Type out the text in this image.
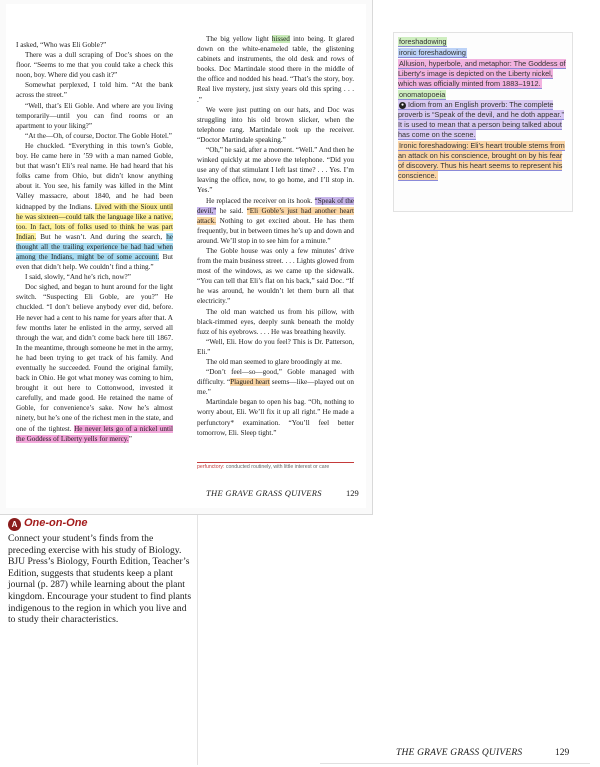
I asked, “Who was Eli Goble?”

There was a dull scraping of Doc’s shoes on the floor. “Seems to me that you could take a check this noon, boy. Where did you cash it?”

Somewhat perplexed, I told him. “At the bank across the street.”

“Well, that’s Eli Goble. And where are you living temporarily—until you can find rooms or an apartment to your liking?”

“At the—Oh, of course, Doctor. The Goble Hotel.”

He chuckled. “Everything in this town’s Goble, boy. He came here in ’59 with a man named Goble, but that wasn’t Eli’s real name. He had heard that his folks came from Ohio, but didn’t know anything about it. You see, his family was killed in the Mint Valley massacre, about 1840, and he had been kidnapped by the Indians. Lived with the Sioux until he was sixteen—could talk the language like a native, too. In fact, lots of folks used to think he was part Indian. But he wasn’t. And during the search, he thought all the trailing experience he had had when among the Indians, might be of some account. But even that didn’t help. We couldn’t find a thing.”

I said, slowly, “And he’s rich, now?”

Doc sighed, and began to hunt around for the light switch. “Suspecting Eli Goble, are you?” He chuckled. “I don’t believe anybody ever did, before. He never had a cent to his name for years after that. A few months later he enlisted in the army, served all through the war, and didn’t come back here till 1867. In the meantime, through someone he met in the army, he had been trying to get track of his family. And eventually he succeeded. Found the original family, back in Ohio. He got what money was coming to him, brought it out here to Cottonwood, invested it carefully, and made good. He retained the name of Goble, for convenience’s sake. Now he’s almost ninety, but he’s one of the richest men in the state, and one of the tightest. He never lets go of a nickel until the Goddess of Liberty yells for mercy.”

The big yellow light hissed into being. It glared down on the white-enameled table, the glistening cabinets and instruments, the old desk and rows of books. Doc Martindale stood there in the middle of the office and nodded his head. “That’s the story, boy. Real live mystery, just sixty years old this spring . . . .”

We were just putting on our hats, and Doc was struggling into his old brown slicker, when the telephone rang. Martindale took up the receiver. “Doctor Martindale speaking.”

“Oh,” he said, after a moment. “Well.” And then he winked quickly at me above the telephone. “Did you use any of that stimulant I left last time? . . . Yes. I’m leaving the office, now, to go home, and I’ll stop in. Yes.”

He replaced the receiver on its hook. “Speak of the devil,” he said. “Eli Goble’s just had another heart attack. Nothing to get excited about. He has them frequently, but in between times he’s up and down and around. We’ll stop in to see him for a minute.”

The Goble house was only a few minutes’ drive from the main business street. . . . Lights glowed from most of the windows, as we came up the sidewalk. “You can tell that Eli’s flat on his back,” said Doc. “If he was around, he wouldn’t let them burn all that electricity.”

The old man watched us from his pillow, with black-rimmed eyes, deeply sunk beneath the moldy fuzz of his eyebrows. . . . He was breathing heavily.

“Well, Eli. How do you feel? This is Dr. Patterson, Eli.”

The old man seemed to glare broodingly at me.

“Don’t feel—so—good,” Goble managed with difficulty. “Plagued heart seems—like—played out on me.”

Martindale began to open his bag. “Oh, nothing to worry about, Eli. We’ll fix it up all right.” He made a perfunctory* examination. “You’ll feel better tomorrow, Eli. Sleep tight.”

perfunctory: conducted routinely, with little interest or care
THE GRAVE GRASS QUIVERS	129
foreshadowing
ironic foreshadowing
Allusion, hyperbole, and metaphor: The Goddess of Liberty’s image is depicted on the Liberty nickel, which was officially minted from 1883–1912.
onomatopoeia
● Idiom from an English proverb: The complete proverb is “Speak of the devil, and he doth appear.” It is used to mean that a person being talked about has come on the scene.
Ironic foreshadowing: Eli’s heart trouble stems from an attack on his conscience, brought on by his fear of discovery. Thus his heart seems to represent his conscience.
A One-on-One
Connect your student’s finds from the preceding exercise with his study of Biology. BJU Press’s Biology, Fourth Edition, Teacher’s Edition, suggests that students keep a plant journal (p. 287) while learning about the plant kingdom. Encourage your student to find plants indigenous to the region in which you live and to study their characteristics.
THE GRAVE GRASS QUIVERS	129
